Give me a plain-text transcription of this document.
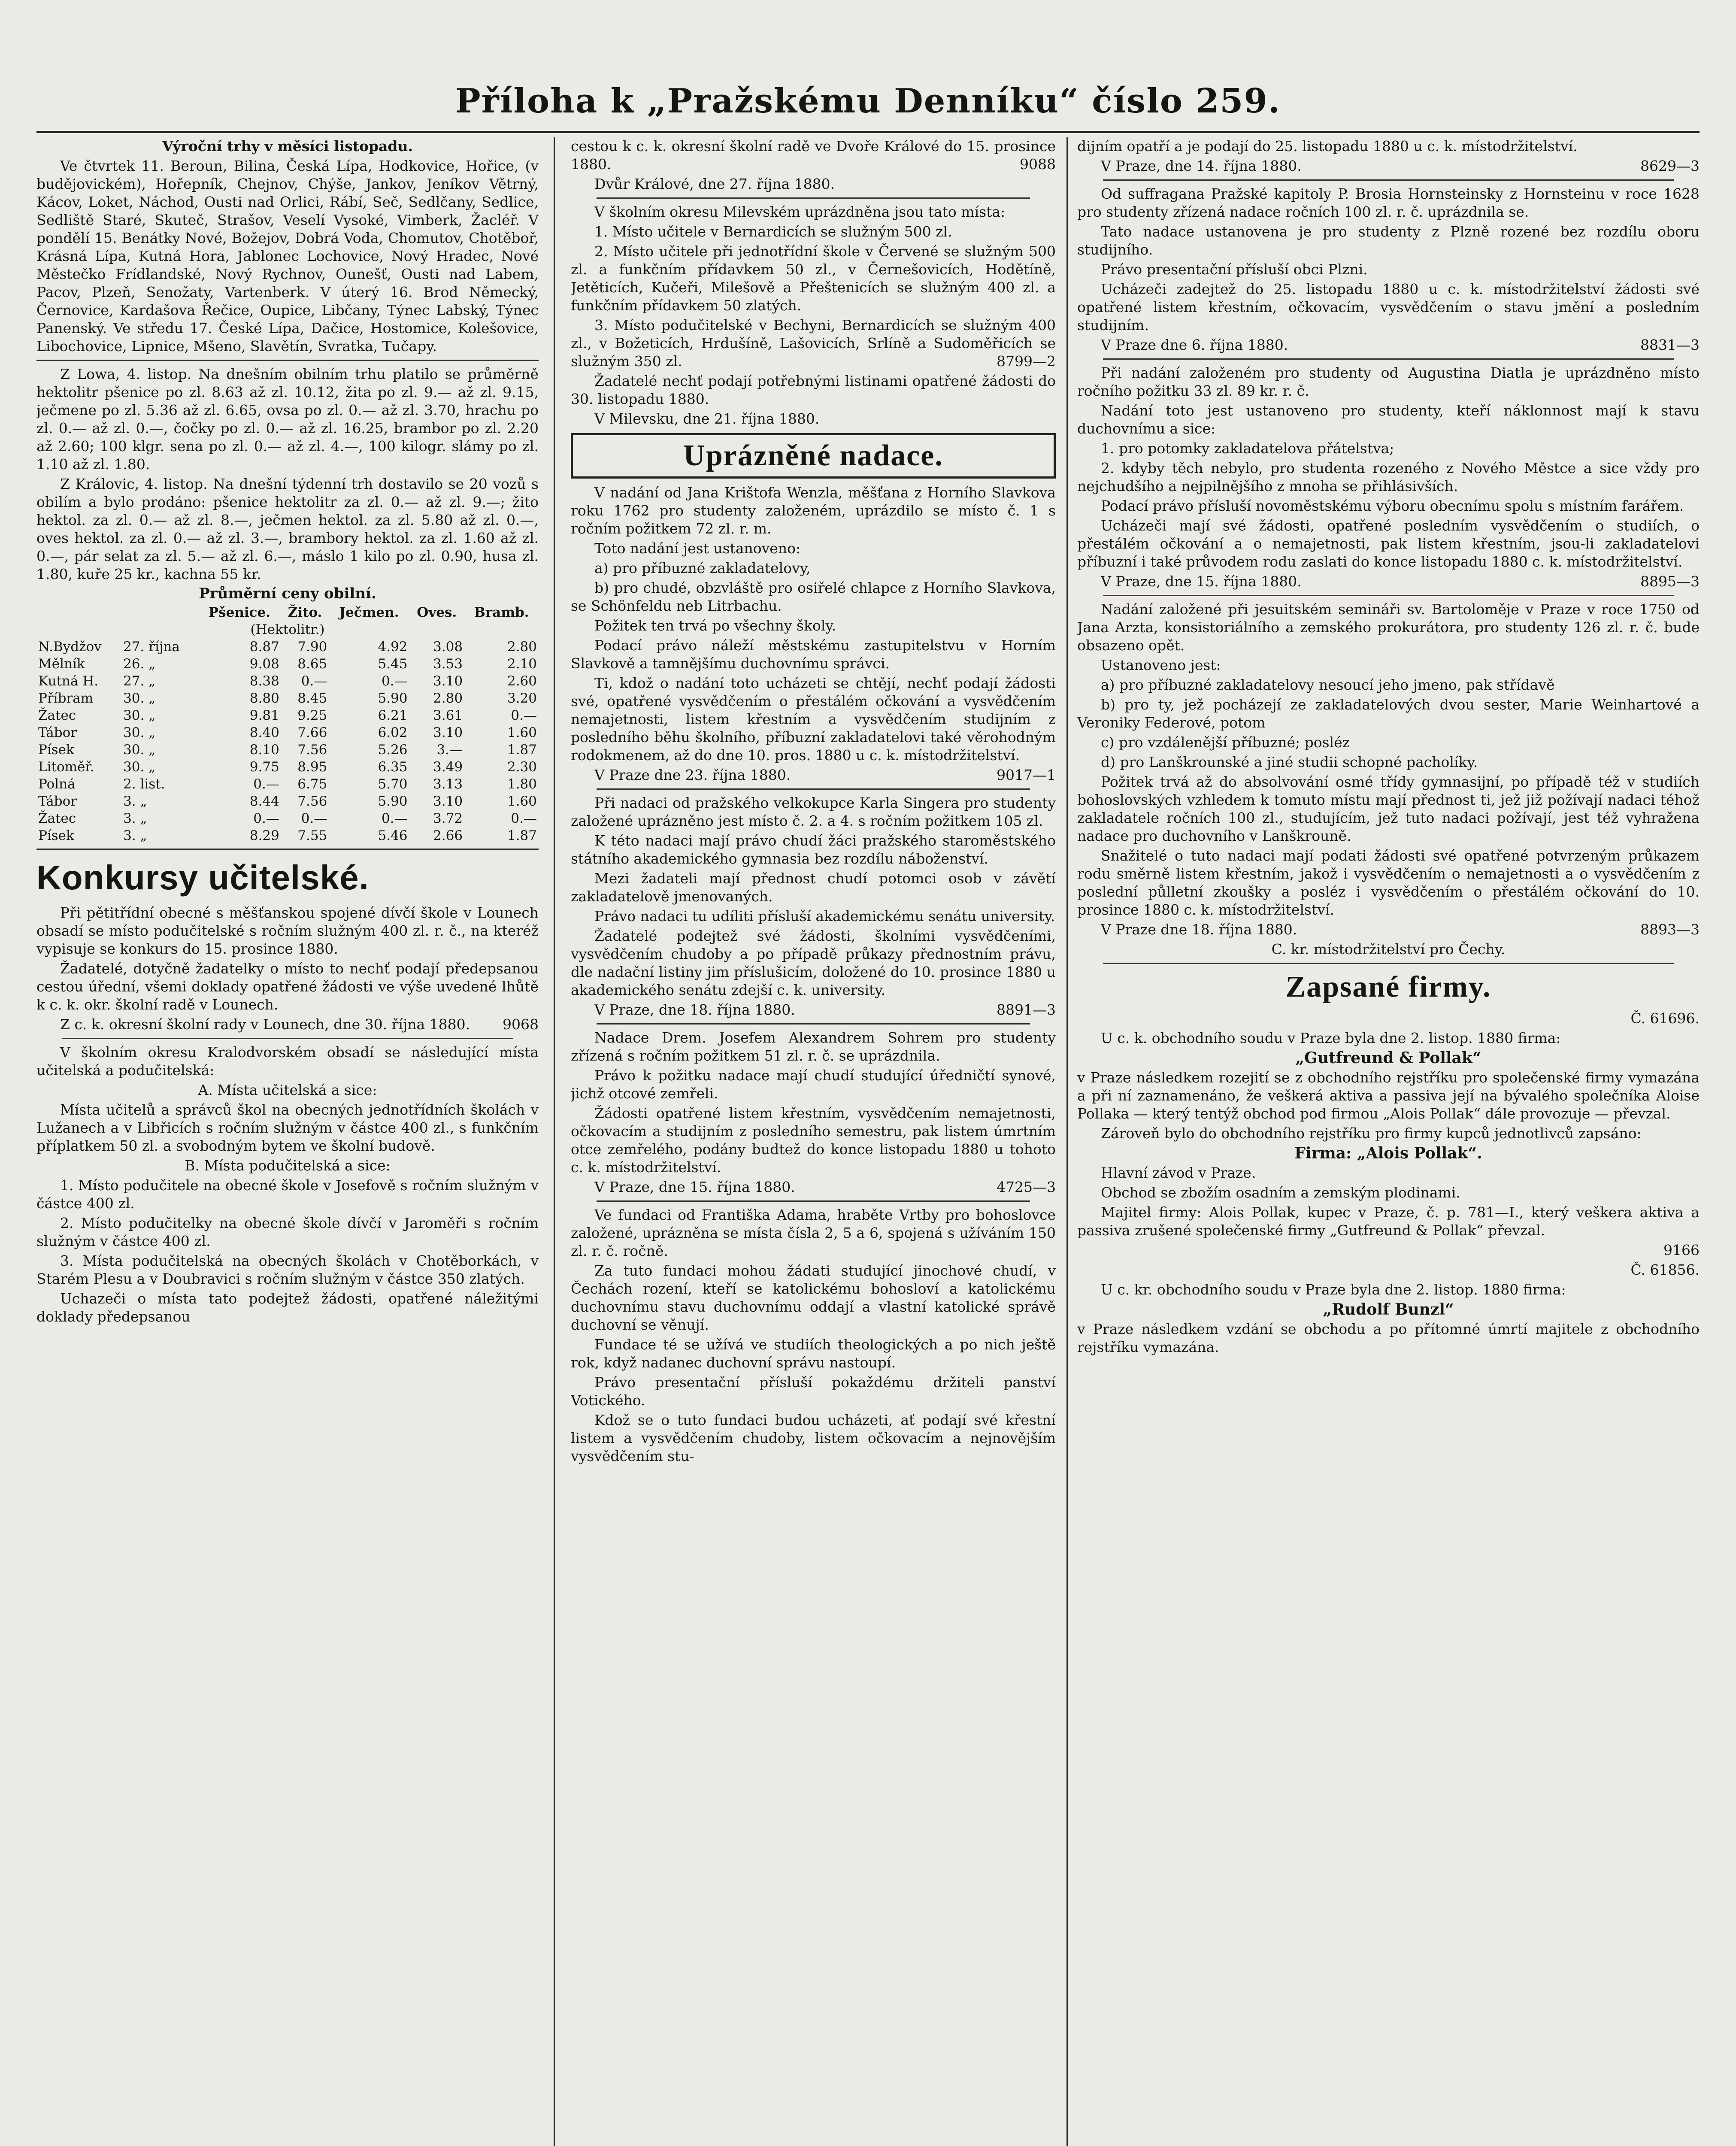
Příloha k „Pražskému Denníku“ číslo 259.

Výroční trhy v měsíci listopadu.

Ve čtvrtek 11. Beroun, Bilina, Česká Lípa, Hodkovice, Hořice, (v budějovickém), Hořepník, Chejnov, Chýše, Jankov, Jeníkov Větrný, Kácov, Loket, Náchod, Ousti nad Orlici, Rábí, Seč, Sedlčany, Sedlice, Sedliště Staré, Skuteč, Strašov, Veselí Vysoké, Vimberk, Žacléř. V pondělí 15. Benátky Nové, Božejov, Dobrá Voda, Chomutov, Chotěboř, Krásná Lípa, Kutná Hora, Jablonec Lochovice, Nový Hradec, Nové Městečko Frídlandské, Nový Rychnov, Ounešť, Ousti nad Labem, Pacov, Plzeň, Senožaty, Vartenberk. V úterý 16. Brod Německý, Černovice, Kardašova Řečice, Oupice, Libčany, Týnec Labský, Týnec Panenský. Ve středu 17. České Lípa, Dačice, Hostomice, Kolešovice, Libochovice, Lipnice, Mšeno, Slavětín, Svratka, Tučapy.

Z Lowa, 4. listop. Na dnešním obilním trhu platilo se průměrně hektolitr pšenice po zl. 8.63 až zl. 10.12, žita po zl. 9.— až zl. 9.15, ječmene po zl. 5.36 až zl. 6.65, ovsa po zl. 0.— až zl. 3.70, hrachu po zl. 0.— až zl. 0.—, čočky po zl. 0.— až zl. 16.25, brambor po zl. 2.20 až 2.60; 100 klgr. sena po zl. 0.— až zl. 4.—, 100 kilogr. slámy po zl. 1.10 až zl. 1.80.

Z Královic, 4. listop. Na dnešní týdenní trh dostavilo se 20 vozů s obilím a bylo prodáno: pšenice hektolitr za zl. 0.— až zl. 9.—; žito hektol. za zl. 0.— až zl. 8.—, ječmen hektol. za zl. 5.80 až zl. 0.—, oves hektol. za zl. 0.— až zl. 3.—, brambory hektol. za zl. 1.60 až zl. 0.—, pár selat za zl. 5.— až zl. 6.—, máslo 1 kilo po zl. 0.90, husa zl. 1.80, kuře 25 kr., kachna 55 kr.

Průměrní ceny obilní.
		Pšenice.	Žito.	Ječmen.	Oves.	Bramb.
(Hektolitr.)						
N.Bydžov	27. října	8.87	7.90	4.92	3.08	2.80
Mělník	26. „	9.08	8.65	5.45	3.53	2.10
Kutná H.	27. „	8.38	0.—	0.—	3.10	2.60
Příbram	30. „	8.80	8.45	5.90	2.80	3.20
Žatec	30. „	9.81	9.25	6.21	3.61	0.—
Tábor	30. „	8.40	7.66	6.02	3.10	1.60
Písek	30. „	8.10	7.56	5.26	3.—	1.87
Litoměř.	30. „	9.75	8.95	6.35	3.49	2.30
Polná	2. list.	0.—	6.75	5.70	3.13	1.80
Tábor	3. „	8.44	7.56	5.90	3.10	1.60
Žatec	3. „	0.—	0.—	0.—	3.72	0.—
Písek	3. „	8.29	7.55	5.46	2.66	1.87
Konkursy učitelské.

Při pětitřídní obecné s měšťanskou spojené dívčí škole v Lounech obsadí se místo podučitelské s ročním služným 400 zl. r. č., na kteréž vypisuje se konkurs do 15. prosince 1880.

Žadatelé, dotyčně žadatelky o místo to nechť podají předepsanou cestou úřední, všemi doklady opatřené žádosti ve výše uvedené lhůtě k c. k. okr. školní radě v Lounech.

Z c. k. okresní školní rady v Lounech, dne 30. října 1880.	9068

V školním okresu Kralodvorském obsadí se následující místa učitelská a podučitelská:

A. Místa učitelská a sice:

Místa učitelů a správců škol na obecných jednotřídních školách v Lužanech a v Libřicích s ročním služným v částce 400 zl., s funkčním příplatkem 50 zl. a svobodným bytem ve školní budově.

B. Místa podučitelská a sice:

1. Místo podučitele na obecné škole v Josefově s ročním služným v částce 400 zl.

2. Místo podučitelky na obecné škole dívčí v Jaroměři s ročním služným v částce 400 zl.

3. Místa podučitelská na obecných školách v Chotěborkách, v Starém Plesu a v Doubravici s ročním služným v částce 350 zlatých.

Uchazeči o místa tato podejtež žádosti, opatřené náležitými doklady předepsanou

cestou k c. k. okresní školní radě ve Dvoře Králové do 15. prosince 1880.	9088

Dvůr Králové, dne 27. října 1880.

V školním okresu Milevském uprázdněna jsou tato místa:

1. Místo učitele v Bernardicích se služným 500 zl.

2. Místo učitele při jednotřídní škole v Červené se služným 500 zl. a funkčním přídavkem 50 zl., v Černešovicích, Hodětíně, Jetěticích, Kučeři, Milešově a Přeštenicích se služným 400 zl. a funkčním přídavkem 50 zlatých.

3. Místo podučitelské v Bechyni, Bernardicích se služným 400 zl., v Božeticích, Hrdušíně, Lašovicích, Srlíně a Sudoměřicích se služným 350 zl.	8799—2

Žadatelé nechť podají potřebnými listinami opatřené žádosti do 30. listopadu 1880.

V Milevsku, dne 21. října 1880.

Uprázněné nadace.

V nadání od Jana Krištofa Wenzla, měšťana z Horního Slavkova roku 1762 pro studenty založeném, uprázdilo se místo č. 1 s ročním požitkem 72 zl. r. m.

Toto nadání jest ustanoveno:

a) pro příbuzné zakladatelovy,

b) pro chudé, obzvláště pro osiřelé chlapce z Horního Slavkova, se Schönfeldu neb Litrbachu.

Požitek ten trvá po všechny školy.

Podací právo náleží městskému zastupitelstvu v Horním Slavkově a tamnějšímu duchovnímu správci.

Ti, kdož o nadání toto ucházeti se chtějí, nechť podají žádosti své, opatřené vysvědčením o přestálém očkování a vysvědčením nemajetnosti, listem křestním a vysvědčením studijním z posledního běhu školního, příbuzní zakladatelovi také věrohodným rodokmenem, až do dne 10. pros. 1880 u c. k. místodržitelství.

V Praze dne 23. října 1880.	9017—1

Při nadaci od pražského velkokupce Karla Singera pro studenty založené uprázněno jest místo č. 2. a 4. s ročním požitkem 105 zl.

K této nadaci mají právo chudí žáci pražského staroměstského státního akademického gymnasia bez rozdílu náboženství.

Mezi žadateli mají přednost chudí potomci osob v závětí zakladatelově jmenovaných.

Právo nadaci tu udíliti přísluší akademickému senátu university.

Žadatelé podejtež své žádosti, školními vysvědčeními, vysvědčením chudoby a po případě průkazy přednostním právu, dle nadační listiny jim příslušicím, doložené do 10. prosince 1880 u akademického senátu zdejší c. k. university.

V Praze, dne 18. října 1880.	8891—3

Nadace Drem. Josefem Alexandrem Sohrem pro studenty zřízená s ročním požitkem 51 zl. r. č. se uprázdnila.

Právo k požitku nadace mají chudí studující úředničtí synové, jichž otcové zemřeli.

Žádosti opatřené listem křestním, vysvědčením nemajetnosti, očkovacím a studijním z posledního semestru, pak listem úmrtním otce zemřelého, podány budtež do konce listopadu 1880 u tohoto c. k. místodržitelství.

V Praze, dne 15. října 1880.	4725—3

Ve fundaci od Františka Adama, hraběte Vrtby pro bohoslovce založené, uprázněna se místa čísla 2, 5 a 6, spojená s užíváním 150 zl. r. č. ročně.

Za tuto fundaci mohou žádati studující jinochové chudí, v Čechách rození, kteří se katolickému bohosloví a katolickému duchovnímu stavu duchovnímu oddají a vlastní katolické správě duchovní se věnují.

Fundace té se užívá ve studiích theologických a po nich ještě rok, když nadanec duchovní správu nastoupí.

Právo presentační přísluší pokaždému držiteli panství Votického.

Kdož se o tuto fundaci budou ucházeti, ať podají své křestní listem a vysvědčením chudoby, listem očkovacím a nejnovějším vysvědčením stu-

dijním opatří a je podají do 25. listopadu 1880 u c. k. místodržitelství.

V Praze, dne 14. října 1880.	8629—3

Od suffragana Pražské kapitoly P. Brosia Hornsteinsky z Hornsteinu v roce 1628 pro studenty zřízená nadace ročních 100 zl. r. č. uprázdnila se.

Tato nadace ustanovena je pro studenty z Plzně rozené bez rozdílu oboru studijního.

Právo presentační přísluší obci Plzni.

Ucházeči zadejtež do 25. listopadu 1880 u c. k. místodržitelství žádosti své opatřené listem křestním, očkovacím, vysvědčením o stavu jmění a posledním studijním.

V Praze dne 6. října 1880.	8831—3

Při nadání založeném pro studenty od Augustina Diatla je uprázdněno místo ročního požitku 33 zl. 89 kr. r. č.

Nadání toto jest ustanoveno pro studenty, kteří náklonnost mají k stavu duchovnímu a sice:

1. pro potomky zakladatelova přátelstva;

2. kdyby těch nebylo, pro studenta rozeného z Nového Městce a sice vždy pro nejchudšího a nejpilnějšího z mnoha se přihlásivších.

Podací právo přísluší novoměstskému výboru obecnímu spolu s místním farářem.

Ucházeči mají své žádosti, opatřené posledním vysvědčením o studiích, o přestálém očkování a o nemajetnosti, pak listem křestním, jsou-li zakladatelovi příbuzní i také průvodem rodu zaslati do konce listopadu 1880 c. k. místodržitelství.

V Praze, dne 15. října 1880.	8895—3

Nadání založené při jesuitském semináři sv. Bartoloměje v Praze v roce 1750 od Jana Arzta, konsistoriálního a zemského prokurátora, pro studenty 126 zl. r. č. bude obsazeno opět.

Ustanoveno jest:

a) pro příbuzné zakladatelovy nesoucí jeho jmeno, pak střídavě

b) pro ty, jež pocházejí ze zakladatelových dvou sester, Marie Weinhartové a Veroniky Federové, potom

c) pro vzdálenější příbuzné; posléz

d) pro Lanškrounské a jiné studii schopné pacholíky.

Požitek trvá až do absolvování osmé třídy gymnasijní, po případě též v studiích bohoslovských vzhledem k tomuto místu mají přednost ti, jež již požívají nadaci téhož zakladatele ročních 100 zl., studujícím, jež tuto nadaci požívají, jest též vyhražena nadace pro duchovního v Lanškrouně.

Snažitelé o tuto nadaci mají podati žádosti své opatřené potvrzeným průkazem rodu směrně listem křestním, jakož i vysvědčením o nemajetnosti a o vysvědčením z poslední půlletní zkoušky a posléz i vysvědčením o přestálém očkování do 10. prosince 1880 c. k. místodržitelství.

V Praze dne 18. října 1880.	8893—3

C. kr. místodržitelství pro Čechy.

Zapsané firmy.

Č. 61696.

U c. k. obchodního soudu v Praze byla dne 2. listop. 1880 firma:

„Gutfreund & Pollak“

v Praze následkem rozejití se z obchodního rejstříku pro společenské firmy vymazána a při ní zaznamenáno, že veškerá aktiva a passiva její na bývalého společníka Aloise Pollaka — který tentýž obchod pod firmou „Alois Pollak“ dále provozuje — převzal.

Zároveň bylo do obchodního rejstříku pro firmy kupců jednotlivců zapsáno:

Firma: „Alois Pollak“.

Hlavní závod v Praze.

Obchod se zbožím osadním a zemským plodinami.

Majitel firmy: Alois Pollak, kupec v Praze, č. p. 781—I., který veškera aktiva a passiva zrušené společenské firmy „Gutfreund & Pollak“ převzal.

9166

Č. 61856.

U c. kr. obchodního soudu v Praze byla dne 2. listop. 1880 firma:

„Rudolf Bunzl“

v Praze následkem vzdání se obchodu a po přítomné úmrtí majitele z obchodního rejstříku vymazána.
